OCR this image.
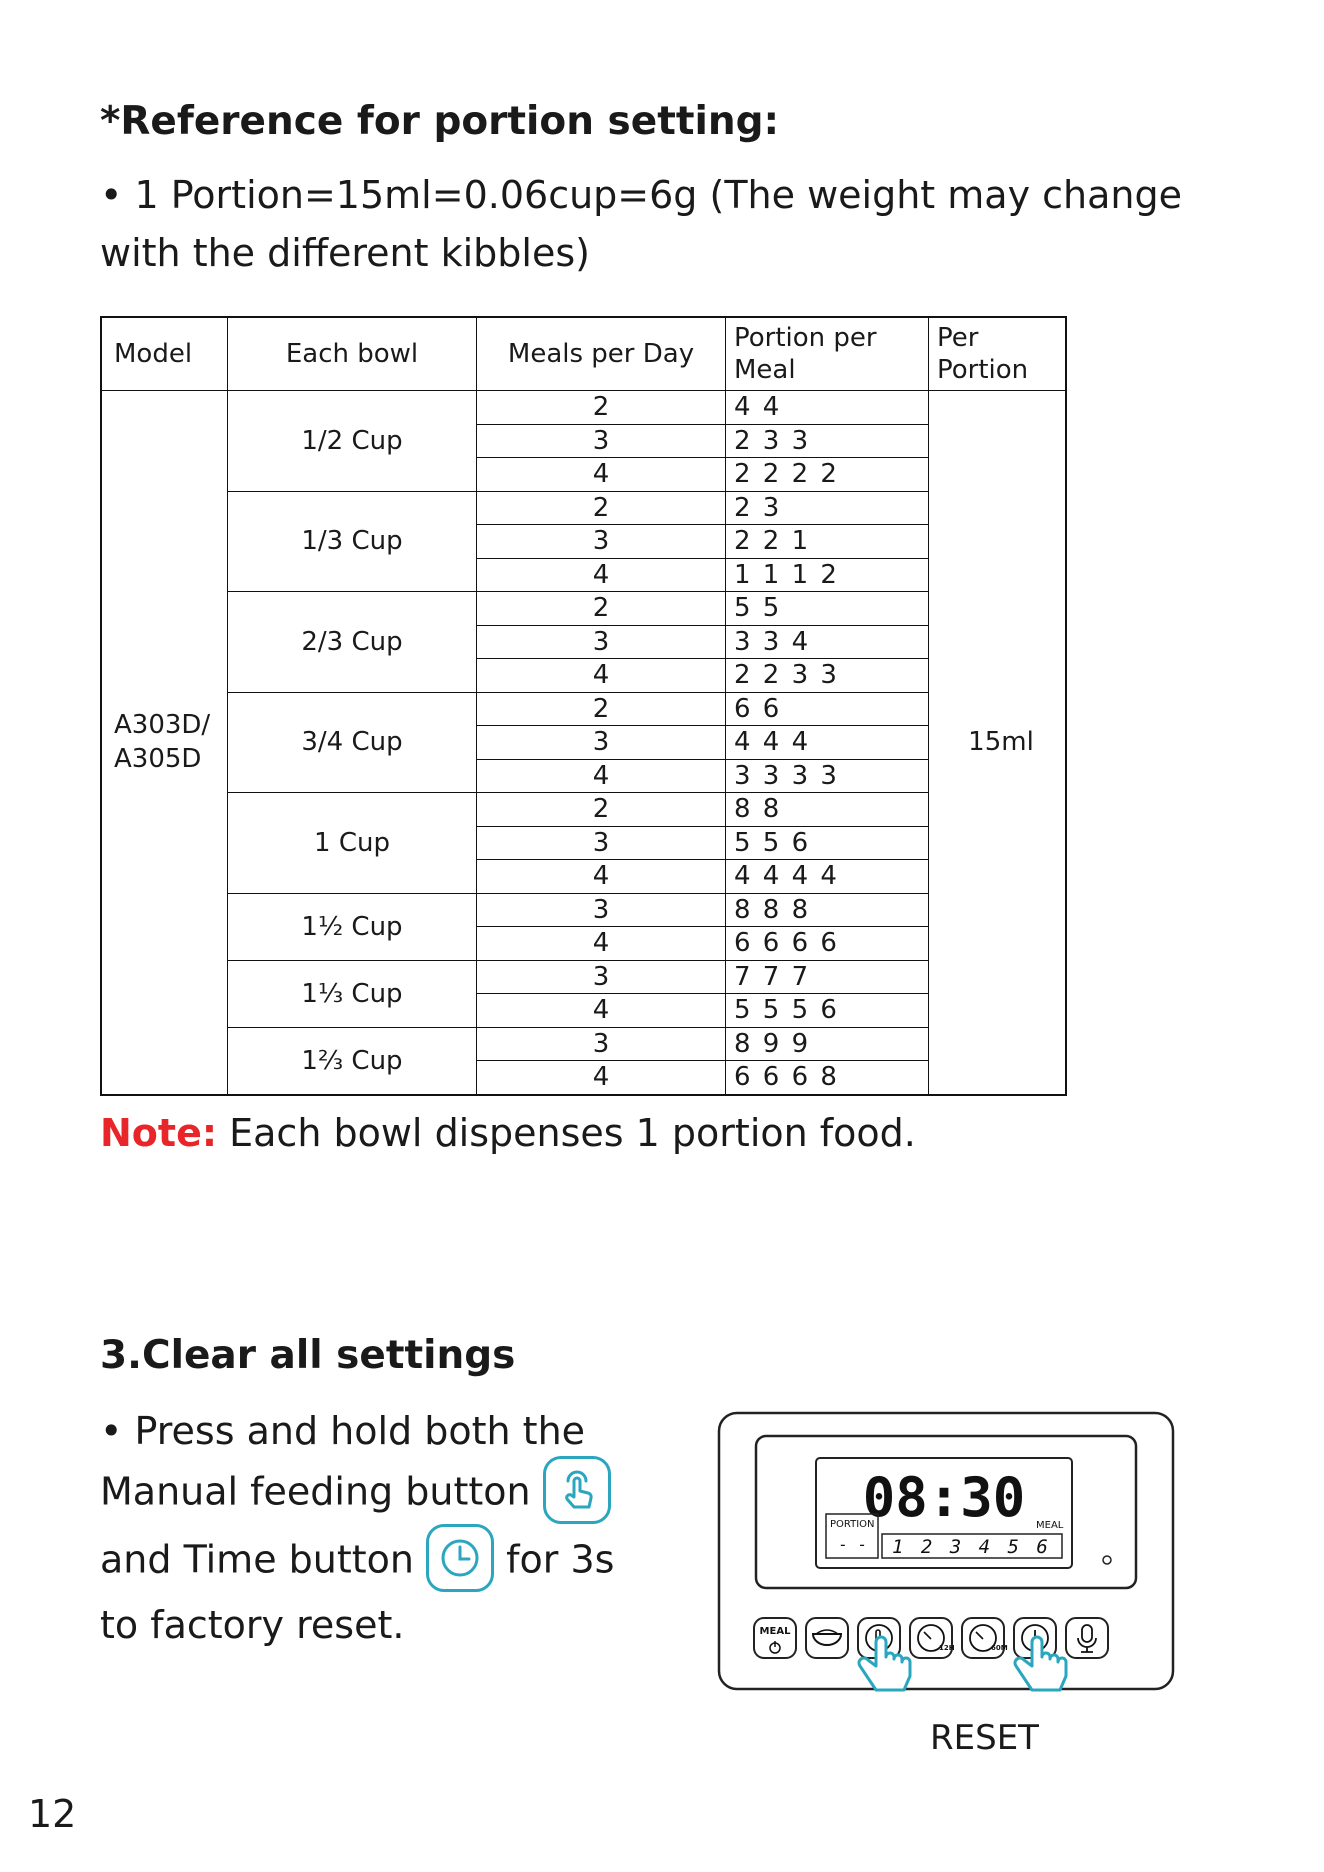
*Reference for portion setting:
• 1 Portion=15ml=0.06cup=6g (The weight may change with the different kibbles)
Model	Each bowl	Meals per Day	Portion per Meal	Per Portion
A303D/ A305D	1/2 Cup	2	4 4	15ml
		3	2 3 3	
		4	2 2 2 2	
	1/3 Cup	2	2 3	
		3	2 2 1	
		4	1 1 1 2	
	2/3 Cup	2	5 5	
		3	3 3 4	
		4	2 2 3 3	
	3/4 Cup	2	6 6	
		3	4 4 4	
		4	3 3 3 3	
	1 Cup	2	8 8	
		3	5 5 6	
		4	4 4 4 4	
	1½ Cup	3	8 8 8	
		4	6 6 6 6	
	1⅓ Cup	3	7 7 7	
		4	5 5 5 6	
	1⅔ Cup	3	8 9 9	
		4	6 6 6 8	
Note: Each bowl dispenses 1 portion food.
3.Clear all settings
• Press and hold both the
Manual feeding button
and Time button for 3s
to factory reset.
08:30
PORTION
- -
MEAL
1 2 3 4 5 6
MEAL
12H	60M
RESET
12
